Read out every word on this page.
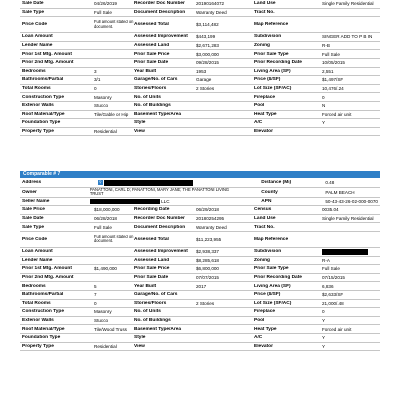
Sale Date	04/26/2019	Recorder Doc Number	20190164072	Land Use	Single Family Residential
Sale Type	Full Sale	Document Description	Warranty Deed	Tract No.
Price Code
Full amount stated on document.	Assessed Total	$3,114,482	Map Reference
Loan Amount	Assessed Improvement	$443,199	Subdivision	SINGER ADD TO P B IN
Lender Name	Assessed Land	$2,671,283	Zoning	R-B
Prior 1st Mtg. Amount	Prior Sale Price	$3,000,000	Prior Sale Type	Full Sale
Prior 2nd Mtg. Amount	Prior Sale Date	09/28/2015	Prior Recording Date	10/05/2015
Bedrooms	3	Year Built	1953	Living Area (SF)	2,551
Bathrooms/Partial	3/1	Garage/No. of Cars	Garage	Price ($/SF)	$1,497/SF
Total Rooms	0	Stories/Floors	2 Stories	Lot Size (SF/AC)	10,476/.24
Construction Type	Masonry	No. of Units	Fireplace	0
Exterior Walls	Stucco	No. of Buildings	Pool	N
Roof Material/Type	Tile/Gable or Hip	Basement Type/Area	Heat Type	Forced air unit
Foundation Type	Style	A/C	Y
Property Type	Residential	View	Elevator
Comparable # 7
Address	⚲	Distance (Mi)	0.48
Owner
PANATTONI, CARL D; PANATTONI, MARY JANE; THE PANATTONI LIVING TRUST	County	PALM BEACH
Seller Name	LLC	APN	50-43-43-26-02-000-0070
Sale Price	$18,000,000	Recording Date	06/29/2018	Census	0035.04
Sale Date	06/28/2018	Recorder Doc Number	20180254295	Land Use	Single Family Residential
Sale Type	Full Sale	Document Description	Warranty Deed	Tract No.
Price Code
Full amount stated on document.	Assessed Total	$11,223,955	Map Reference
Loan Amount	Assessed Improvement	$2,938,337	Subdivision
Lender Name	Assessed Land	$8,285,618	Zoning	R-A
Prior 1st Mtg. Amount	$1,490,000	Prior Sale Price	$6,800,000	Prior Sale Type	Full Sale
Prior 2nd Mtg. Amount	Prior Sale Date	07/07/2015	Prior Recording Date	07/15/2015
Bedrooms	5	Year Built	2017	Living Area (SF)	6,836
Bathrooms/Partial	7	Garage/No. of Cars	Price ($/SF)	$2,633/SF
Total Rooms	0	Stories/Floors	2 Stories	Lot Size (SF/AC)	21,000/.48
Construction Type	Masonry	No. of Units	Fireplace	0
Exterior Walls	Stucco	No. of Buildings	Pool	Y
Roof Material/Type	Tile/Wood Truss	Basement Type/Area	Heat Type	Forced air unit
Foundation Type	Style	A/C	Y
Property Type	Residential	View	Elevator	Y
